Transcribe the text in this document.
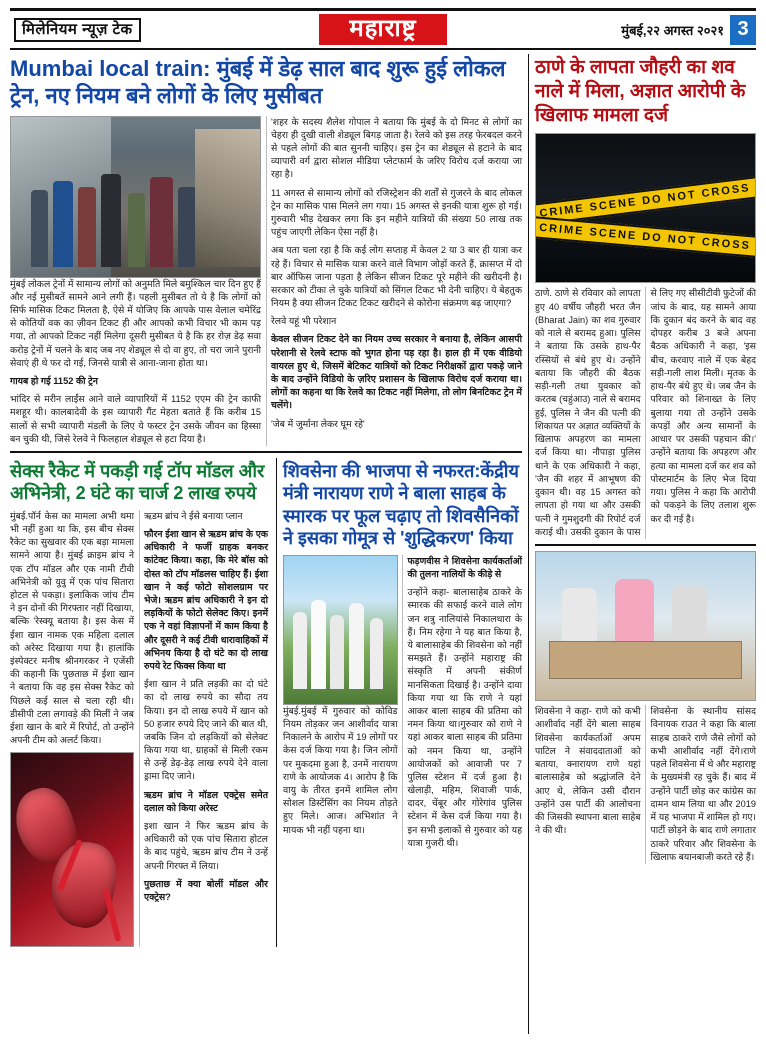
मिलेनियम न्यूज़ टेक	महाराष्ट्र	मुंबई,२२ अगस्त २०२१ 3
Mumbai local train: मुंबई में डेढ़ साल बाद शुरू हुई लोकल ट्रेन, नए नियम बने लोगों के लिए मुसीबत

मुंबई लोकल ट्रेनों में सामान्य लोगों को अनुमति मिले बमुश्किल चार दिन हुए हैं और नई मुसीबतें सामने आने लगी हैं। पहली मुसीबत तो ये है कि लोगों को सिर्फ मासिक टिकट मिलता है, ऐसे में योजिए कि आपके पास वेलाल चमेरिंद्र से कोतियों वक का ज़ीवन टिकट ही और आपको कभी विचार भी काम पड़ गया, तो आपको टिकट नहीं मिलेगा दूसरी मुसीबत ये है कि हर रोज़ डेढ़ सवा करोड़ ट्रेनों में चलने के बाद जब नए शेड्यूल से दो वा हुए, तो चरा जाने पुरानी सेवाएं ही थे फर दो गई, जिनसे यात्री से आना-जाना होता था।

गायब हो गई 1152 की ट्रेन

भांदिर से मरीन लाईंस आने वाले व्यापारियों में 1152 एएम की ट्रेन काफी मशहूर थी। कालबादेवी के इस व्यापारी गैंट मेहता बताते हैं कि करीब 15 सालों से सभी व्यापारी मंडली के लिए ये फस्टर ट्रेन उसके जीवन का हिस्सा बन चुकी थी, जिसे रेलवे ने फिलहाल शेड्यूल से हटा दिया है।

'शहर के सदस्य शैलेश गोपाल ने बताया कि मुंबई के दो मिनट से लोगों का चेहरा ही दुखी वाली शेड्यूल बिगड़ जाता है। रेलवे को इस तरह फेरबदल करने से पहले लोगों की बात सुननी चाहिए। इस ट्रेन का शेड्यूल से हटाने के बाद व्यापारी वर्ग द्वारा सोशल मीडिया प्लेटफार्म के जरिए विरोध दर्ज कराया जा रहा है।

11 अगस्त से सामान्य लोगों को रजिस्ट्रेशन की शर्तों से गुजरने के बाद लोकल ट्रेन का मासिक पास मिलने लग गया। 15 अगस्त से इनकी यात्रा शुरू हो गई। गुरुवारी भीड़ देखकर लगा कि इन महीने यात्रियों की संख्या 50 लाख तक पहुंच जाएगी लेकिन ऐसा नहीं है।

अब पता चला रहा है कि कई लोग सप्ताह में केवल 2 या 3 बार ही यात्रा कर रहे हैं। विचार से मासिक यात्रा करने वाले विभाग जोड़ों करते हैं, क्रासप्त में दो बार ऑफिस जाना पड़ता है लेकिन सीजन टिकट पूरे महीने की खरीदनी है। सरकार को टीका ले चुके यात्रियों को सिंगल टिकट भी देनी चाहिए। ये बेहतुक नियम है क्या सीजन टिकट टिकट खरीदने से कोरोना संक्रमण बढ़ जाएगा?

रेलवे यहूं भी परेशान

केवल सीजन टिकट देने का नियम उच्च सरकार ने बनाया है, लेकिन आसपी परेशानी से रेलवे स्टाफ को भुगत होना पड़ रहा है। हाल ही में एक वीडियो वायरल हुए थे, जिसमें बेटिकट यात्रियों को टिकट निरीक्षकों द्वारा पकड़े जाने के बाद उन्होंने विडियो के ज़रिए प्रशासन के खिलाफ विरोध दर्ज कराया था। लोगों का कहना था कि रेलवे का टिकट नहीं मिलेगा, तो लोग बिनटिकट ट्रेन में चलेंगे।

'जेब में जुर्माना लेकर घूम रहे'

सेक्स रैकेट में पकड़ी गई टॉप मॉडल और अभिनेत्री, 2 घंटे का चार्ज 2 लाख रुपये

मुंबई.पॉर्न केस का मामला अभी थमा भी नहीं हुआ था कि, इस बीच सेक्स रैकेट का सुखवार की एक बड़ा मामला सामने आया है। मुंबई क्राइम ब्रांच ने एक टॉप मॉडल और एक नामी टीवी अभिनेत्री को युवु में एक पांच सितारा होटल से पकड़ा। इलाकिक जांच टीम ने इन दोनों की गिरफ्तार नहीं दिखाया, बल्कि 'रेस्क्यू बताया है। इस केस में ईशा खान नामक एक महिला दलाल को अरेस्ट दिखाया गया है। हालांकि इंस्पेक्टर मनीष श्रीनगरकर ने एजेंसी की कहानी कि पुछताछ में ईशा खान ने बताया कि वह इस सेक्स रैकेट को पिछले कई साल से चला रही थी। डीसीपी टला लगावड़े की मिलीं ने जब ईशा खान के बारे में रिपोर्ट, तो उन्होंने अपनी टीम को अलर्ट किया।

ऋडम ब्रांच ने ईसे बनाया प्लान

फौरन ईशा खान से ऋडम ब्रांच के एक अधिकारी ने फर्जी ग्राहक बनकर कांटेक्ट किया। कहा, कि मेरे बॉस को दोस्त को टॉप मॉडलस चाहिए हैं। ईशा खान ने कई फोटो सोशलग्राम पर भेजे। ऋडम ब्रांच अधिकारी ने इन दो लड़कियों के फोटो सेलेक्ट किए। इनमें एक ने वहां विज्ञापनों में काम किया है और दूसरी ने कई टीवी धारावाहिकों में अभिनय किया है दो घंटे का दो लाख रुपये रेट फिक्स किया था

ईशा खान ने प्रति लड़की का दो घंटे का दो लाख रुपये का सौदा तय किया। इन दो लाख रुपये में खान को 50 हजार रुपये दिए जाने की बात थी, जबकि जिन दो लड़कियों को सेलेक्ट किया गया था, ग्राहकों से मिली रकम से उन्हें डेढ़-डेढ़ लाख रुपये देने वाला ड्रामा दिए जाने।

ऋडम ब्रांच ने मॉडल एक्ट्रेस समेत दलाल को किया अरेस्ट

इशा खान ने फिर ऋडम ब्रांच के अधिकारी को एक पांच सितारा होटल के बाद पहुंचे, ऋडम ब्रांच टीम ने उन्हें अपनी गिरफ्त में लिया।

पुछताछ में क्या बोलीं मॉडल और एक्ट्रेस?

शिवसेना की भाजपा से नफरत:केंद्रीय मंत्री नारायण राणे ने बाला साहब के स्मारक पर फूल चढ़ाए तो शिवसैनिकों ने इसका गोमूत्र से 'शुद्धिकरण' किया

मुंबई.मुंबई में गुरुवार को कोविड नियम तोड़कर जन आशीर्वाद यात्रा निकालने के आरोप में 19 लोगों पर केस दर्ज किया गया है। जिन लोगों पर मुकदमा हुआ है, उनमें नारायण राणे के आयोजक 4। आरोप है कि वायु के तीरत इनमें शामिल लोग सोशल डिस्टेंसिंग का नियम तोड़ते हुए मिले। आज। अभिशांत ने मायक भी नहीं पहना था।

फड़णवीस ने शिवसेना कार्यकर्ताओं की तुलना नालियों के कीड़े से

उन्होंने कहा- बालासाहेब ठाकरे के स्मारक की सफाई करने वाले लोग जन शत्रु नालियांसे निकालधारा के हैं। निम रहेगा ने यह बात किया है, ये बालासाहेब की शिवसेना को नहीं समझते हैं। उन्होंने महाराष्ट्र की संस्कृति में अपनी संकीर्ण मानसिकता दिखाई है। उन्होंने दावा किया गया था कि राणे ने यहां आकर बाला साहब की प्रतिमा को नमन किया था।गुरुवार को राणे ने यहां आकर बाला साहब की प्रतिमा को नमन किया था, उन्होंने आयोजकों को आवाजी पर 7 पुलिस स्टेशन में दर्ज हुआ है। खेलाड़ी, महिम, शिवाजी पार्क, दादर, चेंबूर और गोरेगांव पुलिस स्टेशन में केस दर्ज किया गया है। इन सभी इलाकों से गुरुवार को यह यात्रा गुजरी थी।

ठाणे के लापता जौहरी का शव नाले में मिला, अज्ञात आरोपी के खिलाफ मामला दर्ज
CRIME SCENE DO NOT CROSS
CRIME SCENE DO NOT CROSS

ठाणे. ठाणे से रविवार को लापता हुए 40 वर्षीय जौहरी भरत जैन (Bharat Jain) का शव गुरुवार को नाले से बरामद हुआ। पुलिस ने बताया कि उसके हाथ-पैर रस्सियों से बंधे हुए थे। उन्होंने बताया कि जौहरी की बैठक सड़ी-गली तथा युवकार को करतब (चहुंआउ) नाले से बरामद हुई, पुलिस ने जैन की पत्नी की शिकायत पर अज्ञात व्यक्तियों के खिलाफ अपहरण का मामला दर्ज किया था। नौपाड़ा पुलिस थाने के एक अधिकारी ने कहा, 'जैन की शहर में आभूषण की दुकान थी। वह 15 अगस्त को लापता हो गया था और उसकी पत्नी ने गुमशुदगी की रिपोर्ट दर्ज कराई थी। उसकी दुकान के पास से लिए गए सीसीटीवी फुटेजों की जांच के बाद, यह सामने आया कि दुकान बंद करने के बाद वह दोपहर करीब 3 बजे अपना बैठक अधिकारी ने कहा, 'इस बीच, करवाए नाले में एक बेहद सड़ी-गली लाश मिली। मृतक के हाथ-पैर बंधे हुए थे। जब जैन के परिवार को शिनाख्त के लिए बुलाया गया तो उन्होंने उसके कपड़ों और अन्य सामानों के आधार पर उसकी पहचान की।' उन्होंने बताया कि अपहरण और हत्या का मामला दर्ज कर शव को पोस्टमार्टम के लिए भेज दिया गया। पुलिस ने कहा कि आरोपी को पकड़ने के लिए तलाश शुरू कर दी गई है।

शिवसेना ने कहा- राणे को कभी आशीर्वाद नहीं देंगे बाला साहब शिवसेना कार्यकर्ताओं अपम पाटिल ने संवाददाताओं को बताया, क्नारायण राणे यहां बालासाहेब को श्रद्धांजलि देने आए थे, लेकिन उसी दौरान उन्होंने उस पार्टी की आलोचना की जिसकी स्थापना बाला साहेब ने की थी।

शिवसेना के स्थानीय सांसद विनायक राउत ने कहा कि बाला साहब ठाकरे राणे जैसे लोगों को कभी आशीर्वाद नहीं देंगे।राणे पहले शिवसेना में थे और महाराष्ट्र के मुख्यमंत्री रह चुके हैं। बाद में उन्होंने पार्टी छोड़ कर कांग्रेस का दामन थाम लिया था और 2019 में यह भाजपा में शामिल हो गए। पार्टी छोड़ने के बाद राणे लगातार ठाकरे परिवार और शिवसेना के खिलाफ बयानबाजी करते रहे हैं।
